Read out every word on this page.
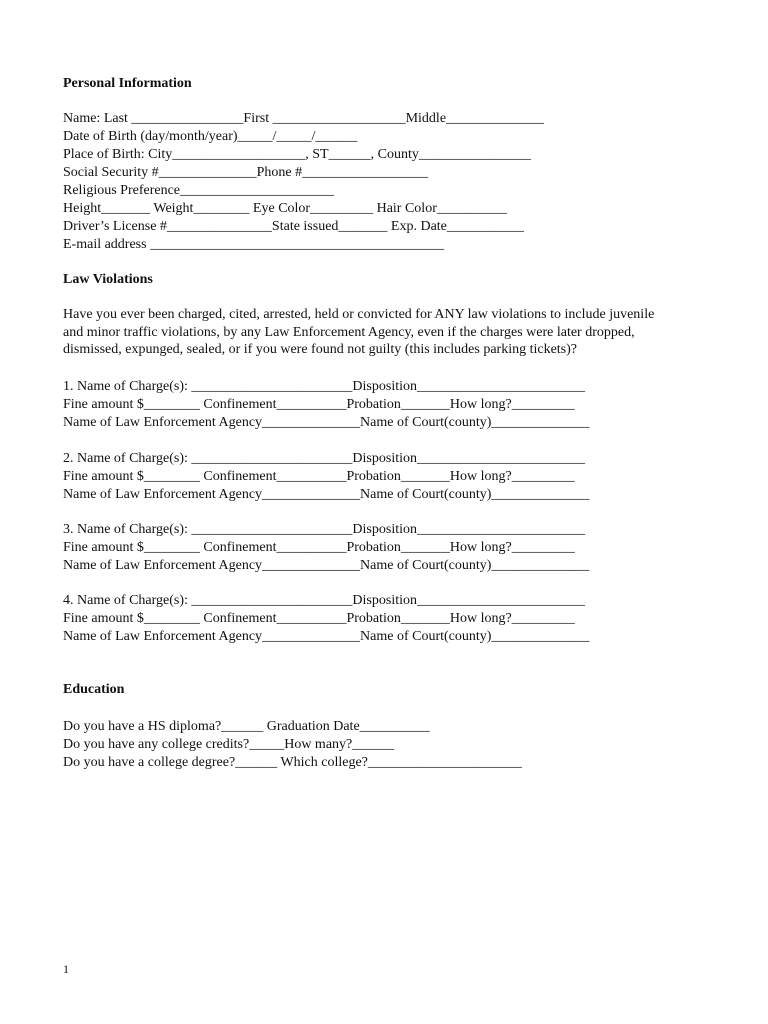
Personal Information

Name: Last ________________First ___________________Middle______________

Date of Birth (day/month/year)_____/_____/______

Place of Birth: City___________________, ST______, County________________

Social Security #______________Phone #__________________

Religious Preference______________________

Height_______ Weight________ Eye Color_________ Hair Color__________

Driver’s License #_______________State issued_______ Exp. Date___________

E-mail address __________________________________________

Law Violations
Have you ever been charged, cited, arrested, held or convicted for ANY law violations to include juvenile
and minor traffic violations, by any Law Enforcement Agency, even if the charges were later dropped,
dismissed, expunged, sealed, or if you were found not guilty (this includes parking tickets)?

1. Name of Charge(s): _______________________Disposition________________________

Fine amount $________ Confinement__________Probation_______How long?_________

Name of Law Enforcement Agency______________Name of Court(county)______________

2. Name of Charge(s): _______________________Disposition________________________

Fine amount $________ Confinement__________Probation_______How long?_________

Name of Law Enforcement Agency______________Name of Court(county)______________

3. Name of Charge(s): _______________________Disposition________________________

Fine amount $________ Confinement__________Probation_______How long?_________

Name of Law Enforcement Agency______________Name of Court(county)______________

4. Name of Charge(s): _______________________Disposition________________________

Fine amount $________ Confinement__________Probation_______How long?_________

Name of Law Enforcement Agency______________Name of Court(county)______________

Education

Do you have a HS diploma?______ Graduation Date__________

Do you have any college credits?_____How many?______

Do you have a college degree?______ Which college?______________________

1
